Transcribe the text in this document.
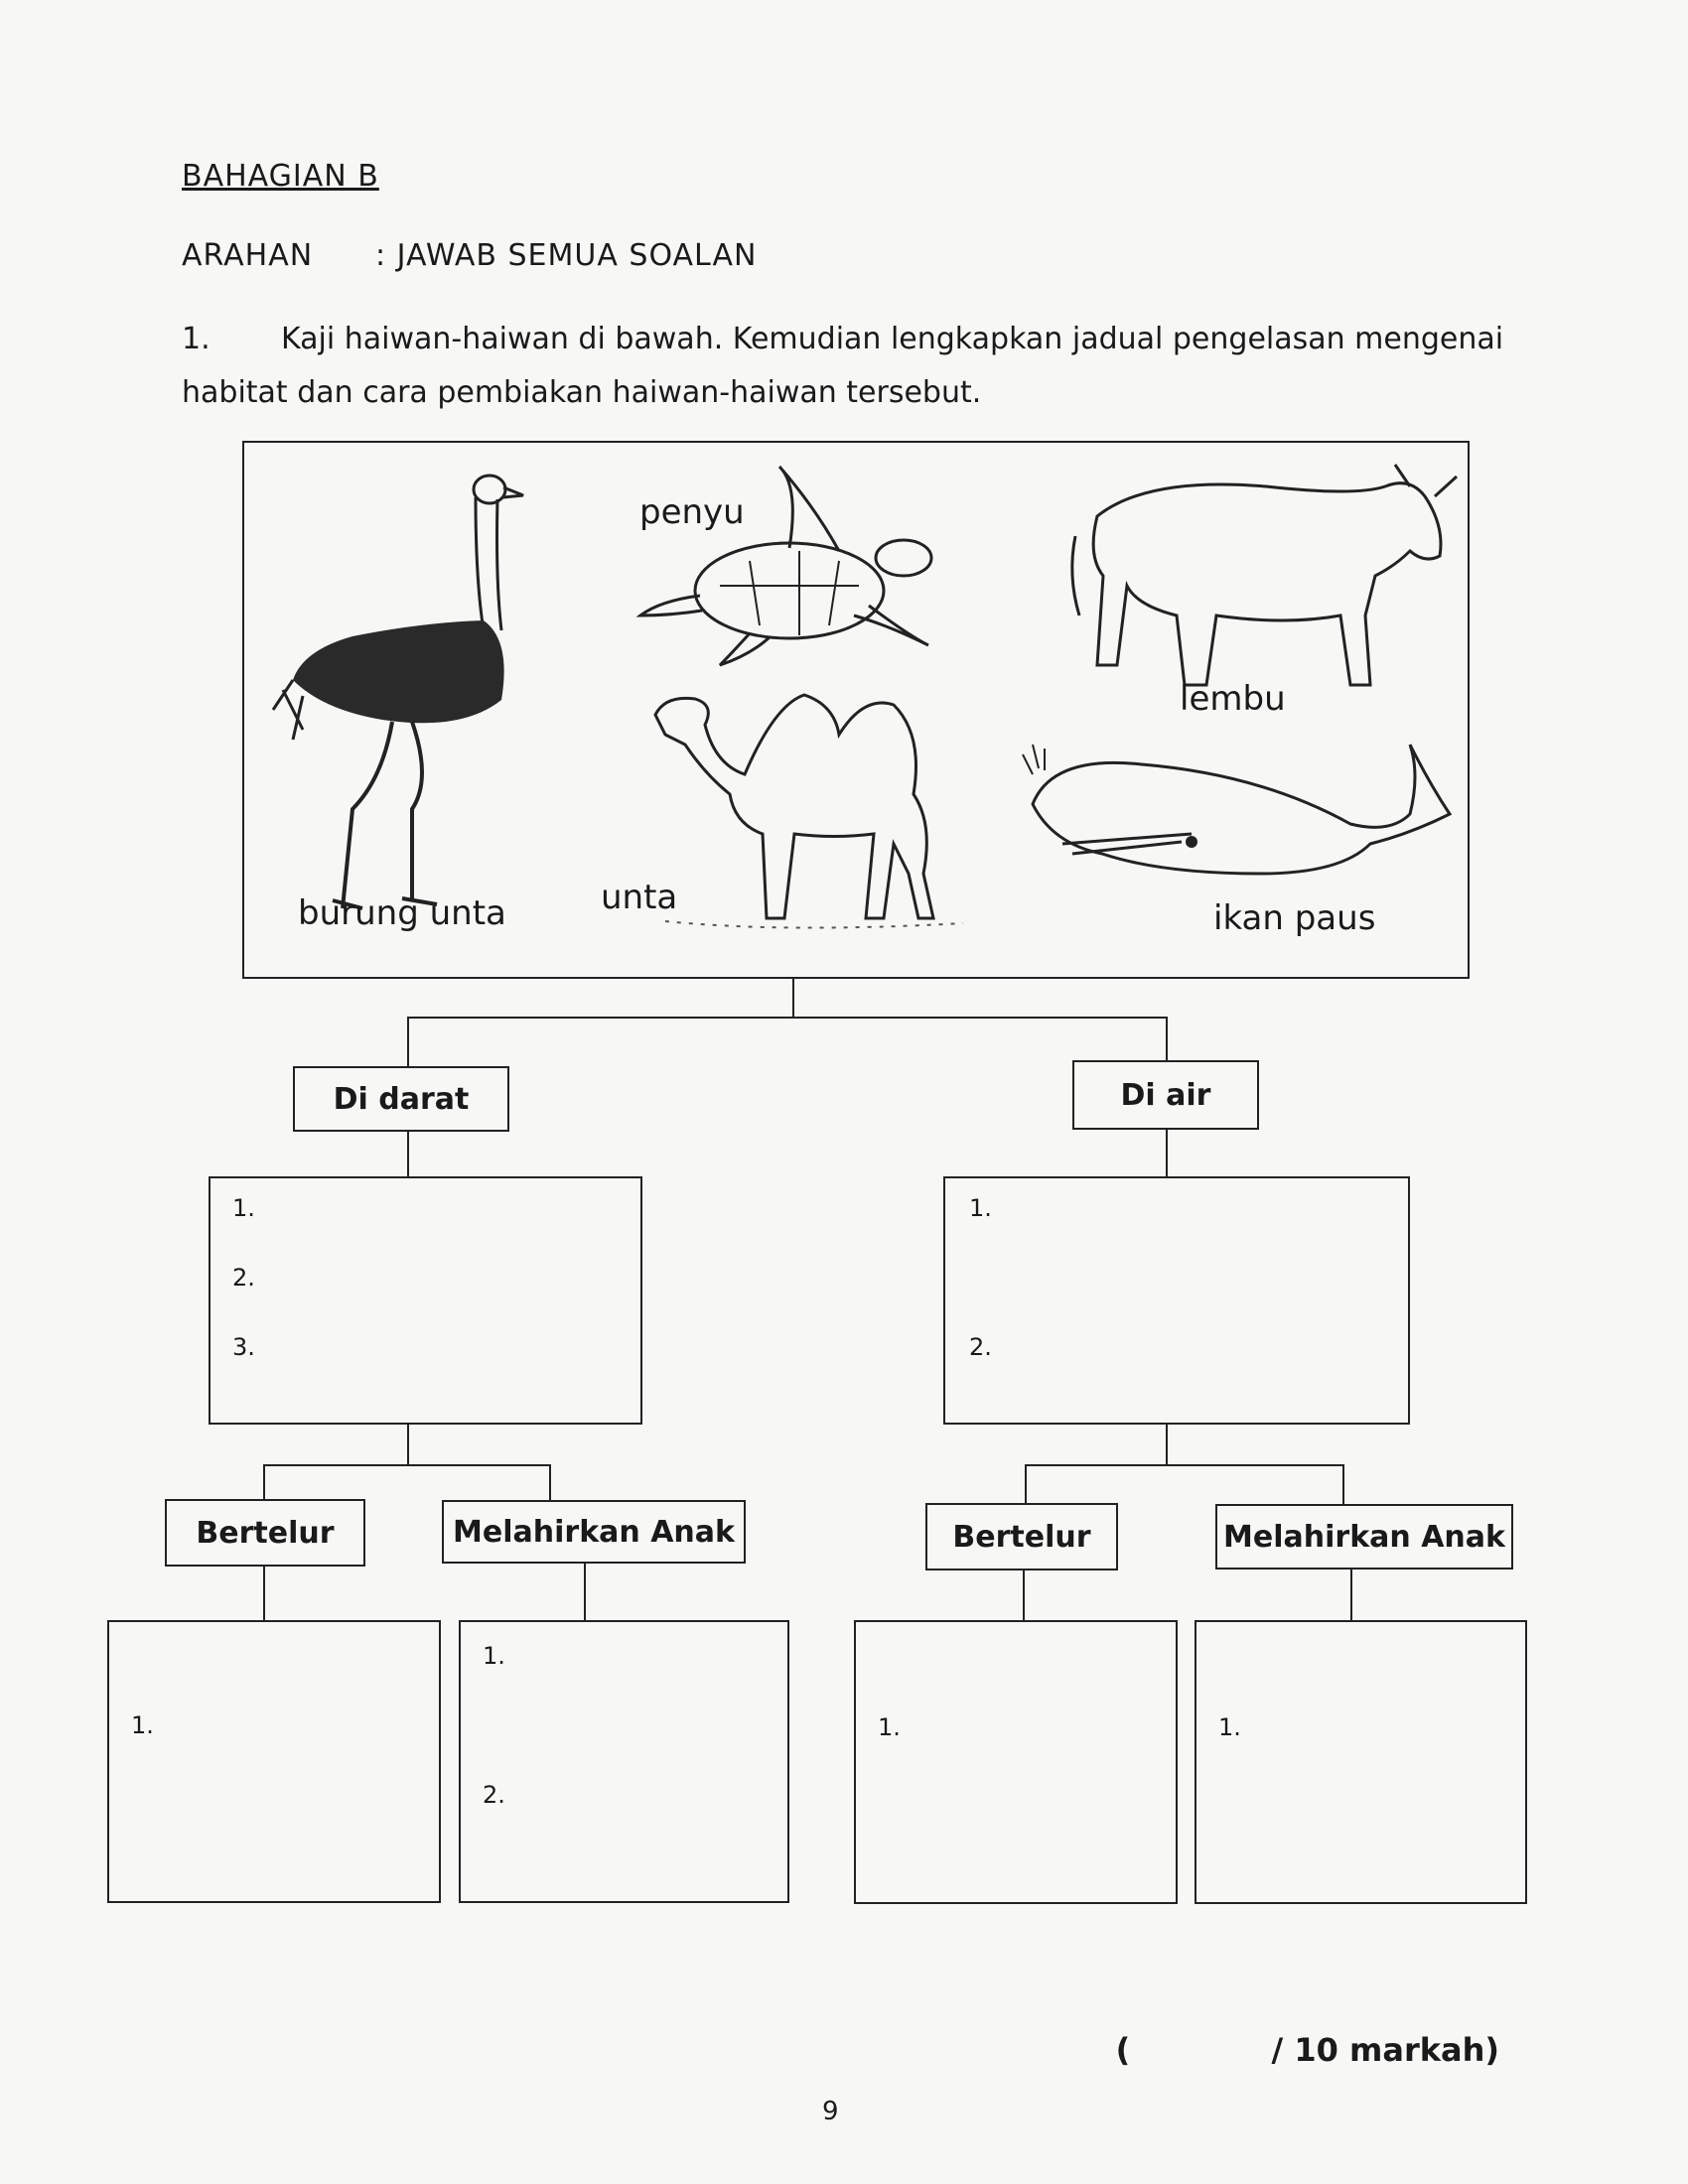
BAHAGIAN B
ARAHAN : JAWAB SEMUA SOALAN
1. Kaji haiwan-haiwan di bawah. Kemudian lengkapkan jadual pengelasan mengenai
habitat dan cara pembiakan haiwan-haiwan tersebut.
burung unta
penyu
lembu
unta
ikan paus
Di darat	Di air
1.
2.
3.
1.
2.
Bertelur	Melahirkan Anak	Bertelur	Melahirkan Anak
1.
1.
2.
1.	1.
(	/ 10 markah)
9
